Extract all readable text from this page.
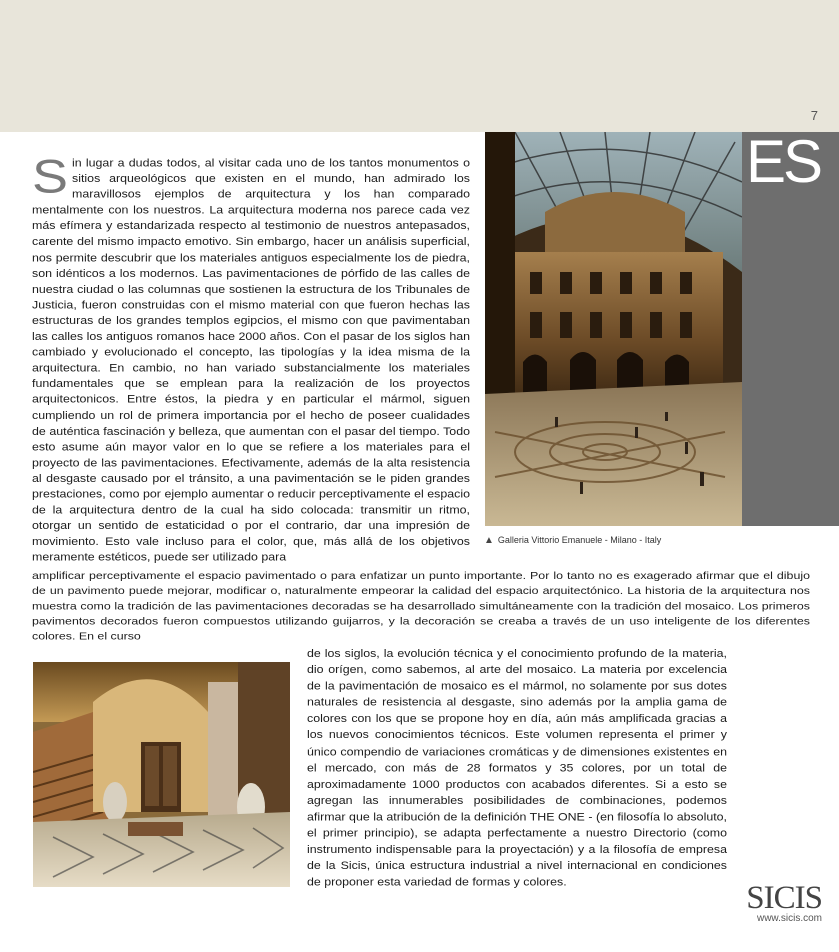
7
ES
▲ Galleria Vittorio Emanuele - Milano - Italy
S in lugar a dudas todos, al visitar cada uno de los tantos monumentos o sitios arqueológicos que existen en el mundo, han admirado los maravillosos ejemplos de arquitectura y los han comparado mentalmente con los nuestros. La arquitectura moderna nos parece cada vez más efímera y estandarizada respecto al testimonio de nuestros antepasados, carente del mismo impacto emotivo. Sin embargo, hacer un análisis superficial, nos permite descubrir que los materiales antiguos especialmente los de piedra, son idénticos a los modernos. Las pavimentaciones de pórfido de las calles de nuestra ciudad o las columnas que sostienen la estructura de los Tribunales de Justicia, fueron construidas con el mismo material con que fueron hechas las estructuras de los grandes templos egipcios, el mismo con que pavimentaban las calles los antiguos romanos hace 2000 años. Con el pasar de los siglos han cambiado y evolucionado el concepto, las tipologías y la idea misma de la arquitectura. En cambio, no han variado substancialmente los materiales fundamentales que se emplean para la realización de los proyectos arquitectonicos. Entre éstos, la piedra y en particular el mármol, siguen cumpliendo un rol de primera importancia por el hecho de poseer cualidades de auténtica fascinación y belleza, que aumentan con el pasar del tiempo. Todo esto asume aún mayor valor en lo que se refiere a los materiales para el proyecto de las pavimentaciones. Efectivamente, además de la alta resistencia al desgaste causado por el tránsito, a una pavimentación se le piden grandes prestaciones, como por ejemplo aumentar o reducir perceptivamente el espacio de la arquitectura dentro de la cual ha sido colocada: transmitir un ritmo, otorgar un sentido de estaticidad o por el contrario, dar una impresión de movimiento. Esto vale incluso para el color, que, más allá de los objetivos meramente estéticos, puede ser utilizado para

amplificar perceptivamente el espacio pavimentado o para enfatizar un punto importante. Por lo tanto no es exagerado afirmar que el dibujo de un pavimento puede mejorar, modificar o, naturalmente empeorar la calidad del espacio arquitectónico. La historia de la arquitectura nos muestra como la tradición de las pavimentaciones decoradas se ha desarrollado simultáneamente con la tradición del mosaico. Los primeros pavimentos decorados fueron compuestos utilizando guijarros, y la decoración se creaba a través de un uso inteligente de los diferentes colores. En el curso

de los siglos, la evolución técnica y el conocimiento profundo de la materia, dio orígen, como sabemos, al arte del mosaico. La materia por excelencia de la pavimentación de mosaico es el mármol, no solamente por sus dotes naturales de resistencia al desgaste, sino además por la amplia gama de colores con los que se propone hoy en día, aún más amplificada gracias a los nuevos conocimientos técnicos. Este volumen representa el primer y único compendio de variaciones cromáticas y de dimensiones existentes en el mercado, con más de 28 formatos y 35 colores, por un total de aproximadamente 1000 productos con acabados diferentes. Si a esto se agregan las innumerables posibilidades de combinaciones, podemos afirmar que la atribución de la definición THE ONE - (en filosofía lo absoluto, el primer principio), se adapta perfectamente a nuestro Directorio (como instrumento indispensable para la proyectación) y a la filosofía de empresa de la Sicis, única estructura industrial a nivel internacional en condiciones de proponer esta variedad de formas y colores.	SICIS
www.sicis.com
